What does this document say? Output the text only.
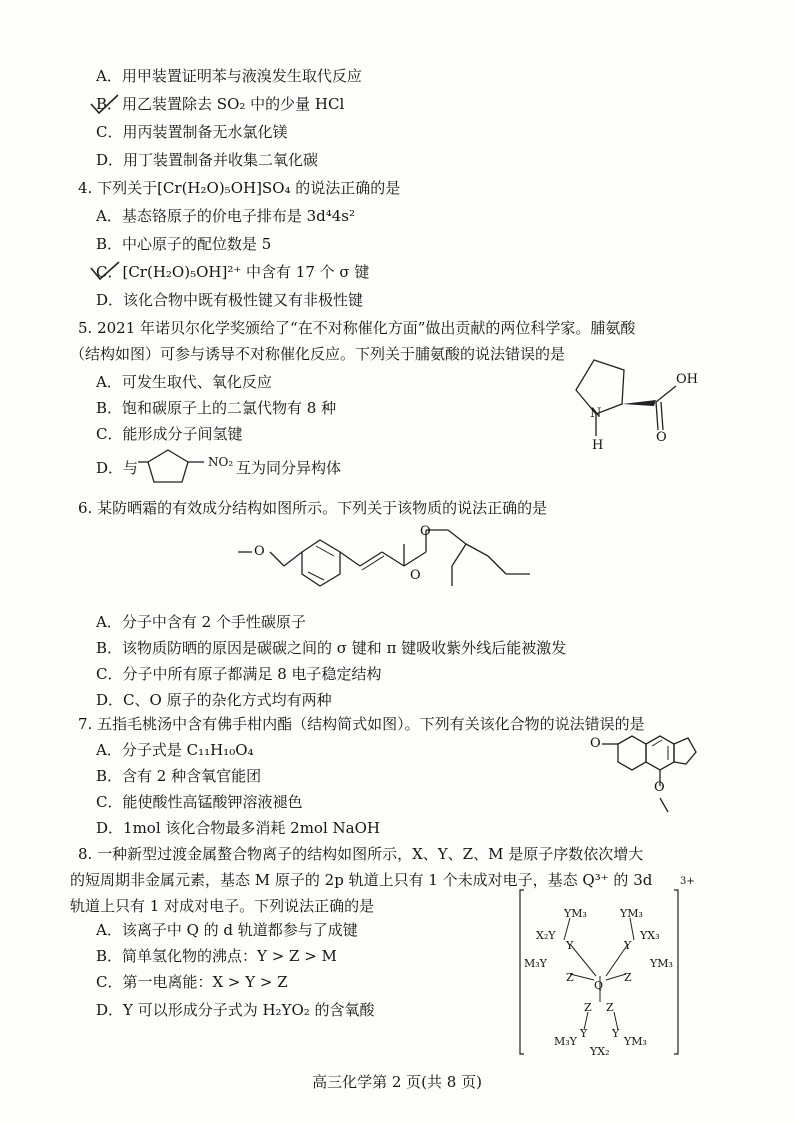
A．用甲装置证明苯与液溴发生取代反应
B．用乙装置除去 SO₂ 中的少量 HCl
C．用丙装置制备无水氯化镁
D．用丁装置制备并收集二氧化碳
4. 下列关于[Cr(H₂O)₅OH]SO₄ 的说法正确的是
A．基态铬原子的价电子排布是 3d⁴4s²
B．中心原子的配位数是 5
C．[Cr(H₂O)₅OH]²⁺ 中含有 17 个 σ 键
D．该化合物中既有极性键又有非极性键
5. 2021 年诺贝尔化学奖颁给了“在不对称催化方面”做出贡献的两位科学家。脯氨酸
（结构如图）可参与诱导不对称催化反应。下列关于脯氨酸的说法错误的是
A．可发生取代、氧化反应
B．饱和碳原子上的二氯代物有 8 种
C．能形成分子间氢键
D．与	NO₂ 互为同分异构体
OH
N
H
O
6. 某防晒霜的有效成分结构如图所示。下列关于该物质的说法正确的是
O
O
O
A．分子中含有 2 个手性碳原子
B．该物质防晒的原因是碳碳之间的 σ 键和 π 键吸收紫外线后能被激发
C．分子中所有原子都满足 8 电子稳定结构
D．C、O 原子的杂化方式均有两种
7. 五指毛桃汤中含有佛手柑内酯（结构简式如图）。下列有关该化合物的说法错误的是
A．分子式是 C₁₁H₁₀O₄
B．含有 2 种含氧官能团
C．能使酸性高锰酸钾溶液褪色
D．1mol 该化合物最多消耗 2mol NaOH
O
O
8. 一种新型过渡金属螯合物离子的结构如图所示，X、Y、Z、M 是原子序数依次增大
的短周期非金属元素，基态 M 原子的 2p 轨道上只有 1 个未成对电子，基态 Q³⁺ 的 3d
轨道上只有 1 对成对电子。下列说法正确的是
A．该离子中 Q 的 d 轨道都参与了成键
B．简单氢化物的沸点：Y > Z > M
C．第一电离能：X > Y > Z
D．Y 可以形成分子式为 H₂YO₂ 的含氧酸
3+
YM₃	YM₃
X₂Y	YX₃
M₃Y	YM₃
Y	Y
Z	Z
Q
Z Z
Y Y
M₃Y	YM₃
YX₂
高三化学第 2 页(共 8 页)
